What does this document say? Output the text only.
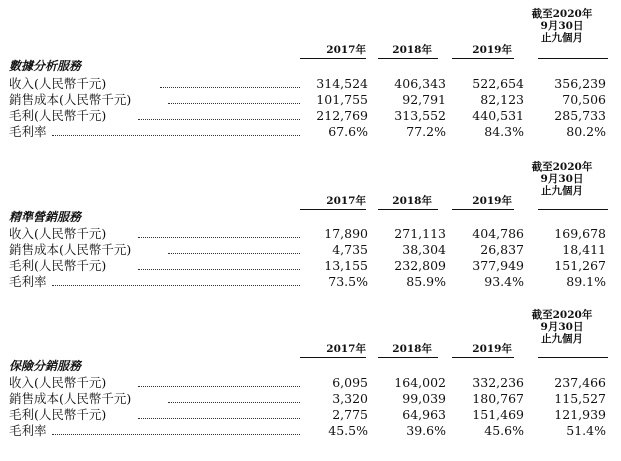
2017年	2018年	2019年
截至2020年
9月30日
止九個月
數據分析服務
收入(人民幣千元)	314,524	406,343	522,654	356,239
銷售成本(人民幣千元)	101,755	92,791	82,123	70,506
毛利(人民幣千元)	212,769	313,552	440,531	285,733
毛利率	67.6%	77.2%	84.3%	80.2%
2017年	2018年	2019年
截至2020年
9月30日
止九個月
精準營銷服務
收入(人民幣千元)	17,890	271,113	404,786	169,678
銷售成本(人民幣千元)	4,735	38,304	26,837	18,411
毛利(人民幣千元)	13,155	232,809	377,949	151,267
毛利率	73.5%	85.9%	93.4%	89.1%
2017年	2018年	2019年
截至2020年
9月30日
止九個月
保險分銷服務
收入(人民幣千元)	6,095	164,002	332,236	237,466
銷售成本(人民幣千元)	3,320	99,039	180,767	115,527
毛利(人民幣千元)	2,775	64,963	151,469	121,939
毛利率	45.5%	39.6%	45.6%	51.4%
